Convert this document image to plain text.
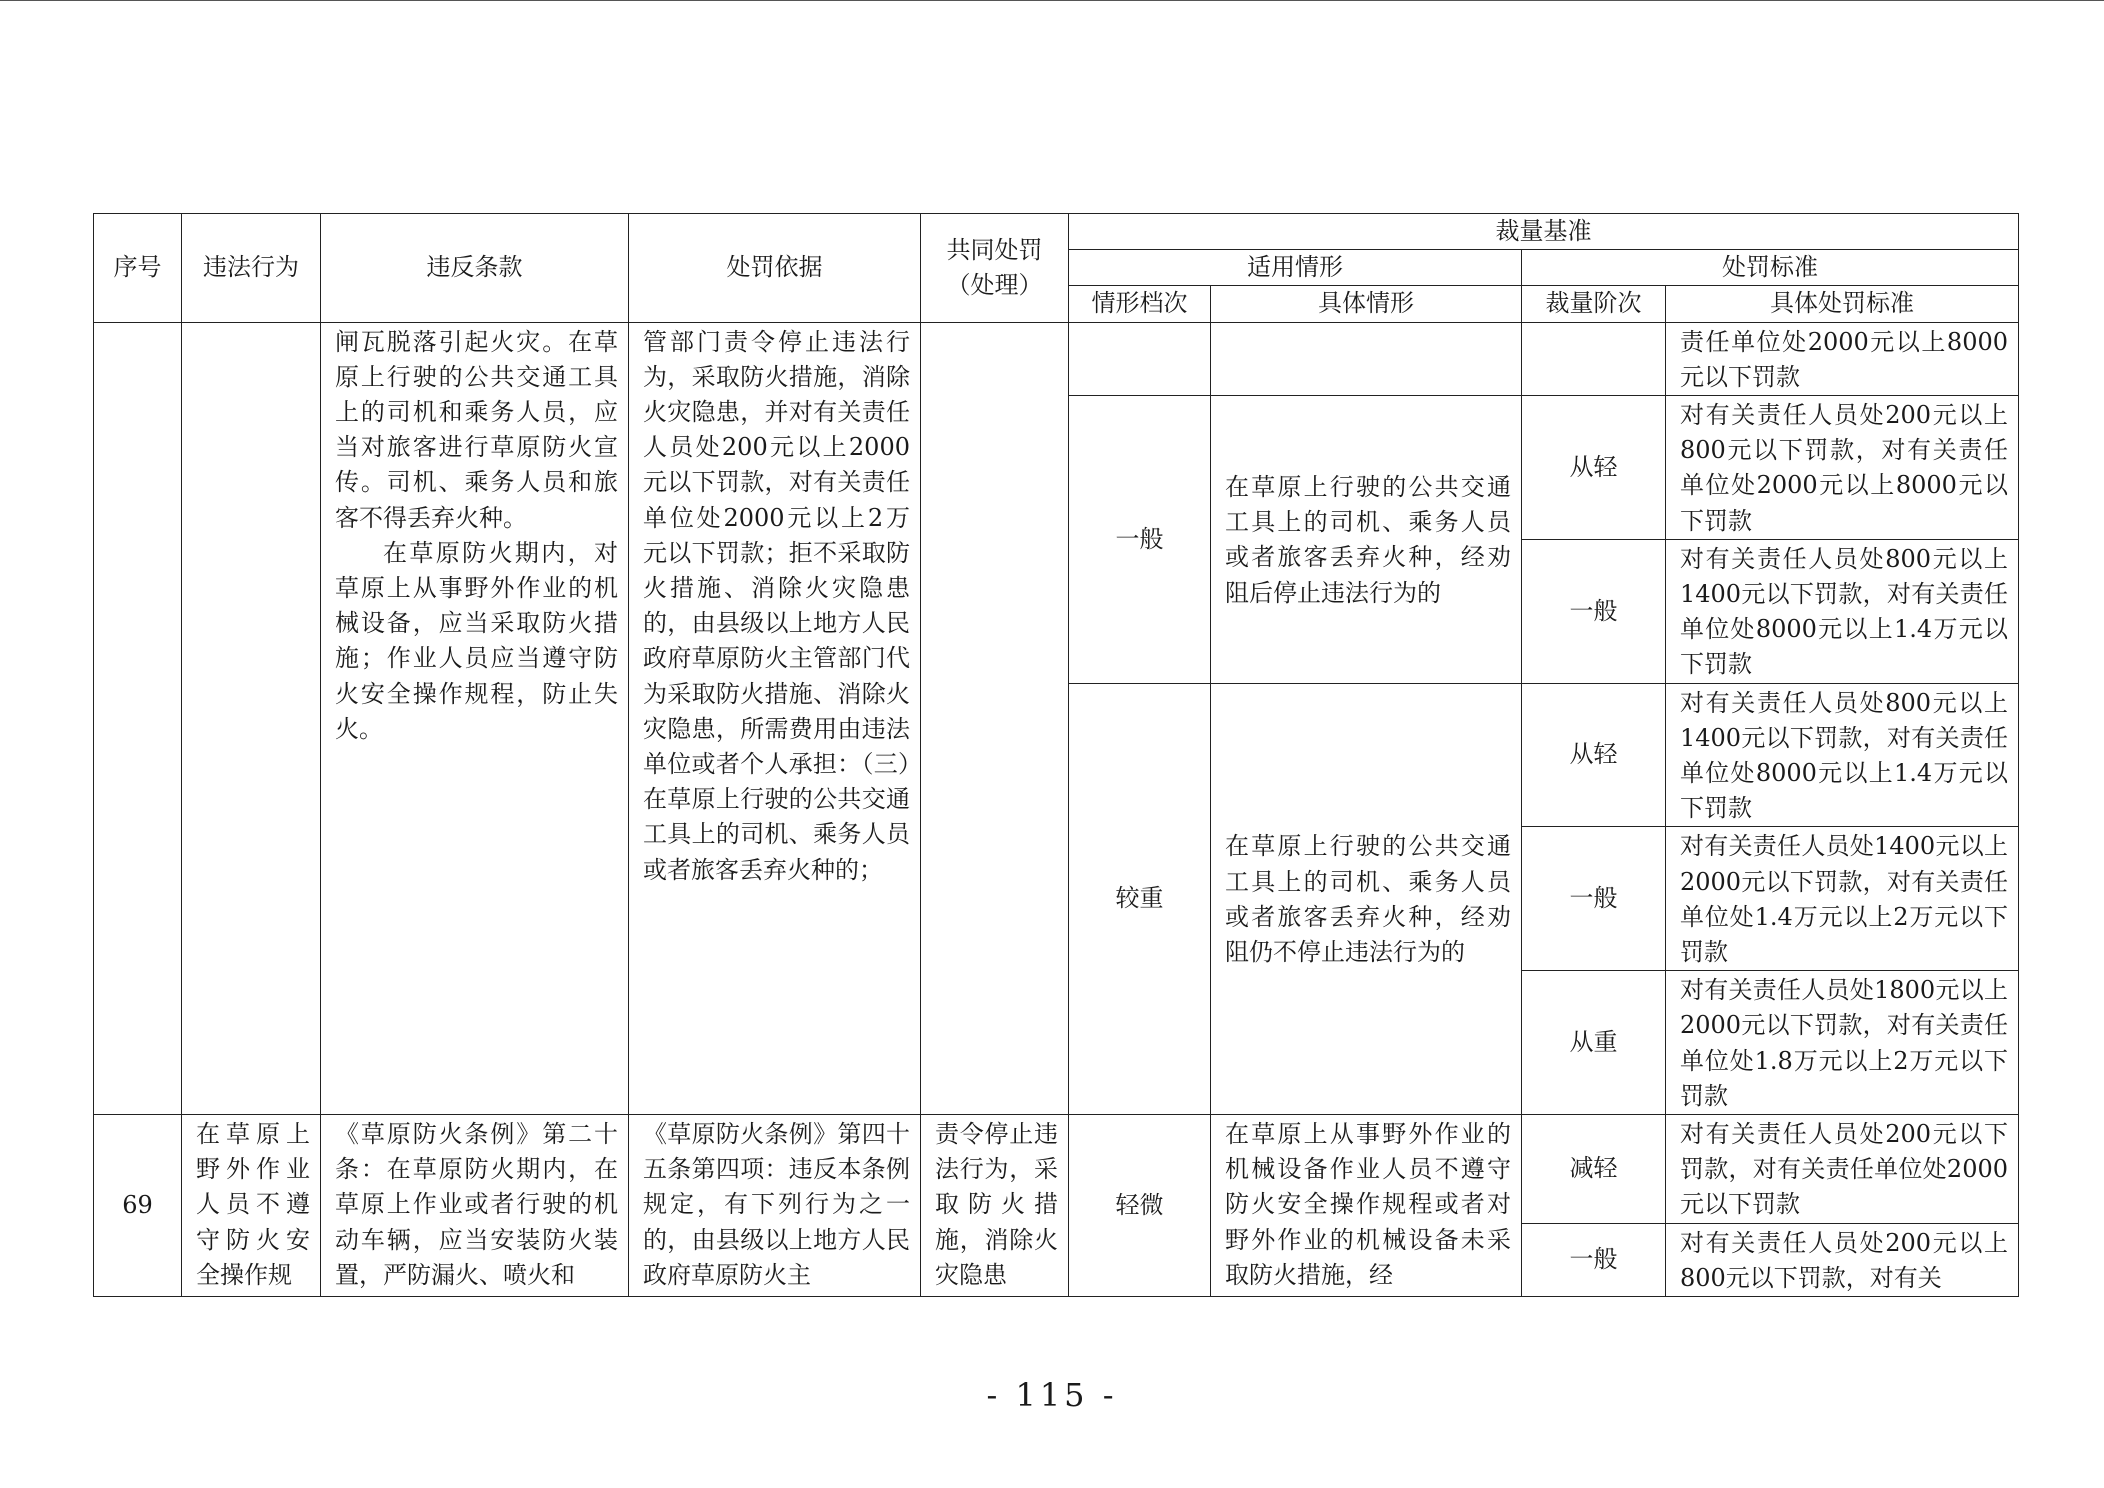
序号	违法行为	违反条款	处罚依据	共同处罚
（处理）	裁量基准			
					适用情形		处罚标准	
					情形档次	具体情形	裁量阶次	具体处罚标准

		闸瓦脱落引起火灾。在草原上行驶的公共交通工具上的司机和乘务人员，应当对旅客进行草原防火宣传。司机、乘务人员和旅客不得丢弃火种。
在草原防火期内，对草原上从事野外作业的机械设备，应当采取防火措施；作业人员应当遵守防火安全操作规程，防止失火。	管部门责令停止违法行为，采取防火措施，消除火灾隐患，并对有关责任人员处200元以上2000元以下罚款，对有关责任单位处2000元以上2万元以下罚款；拒不采取防火措施、消除火灾隐患的，由县级以上地方人民政府草原防火主管部门代为采取防火措施、消除火灾隐患，所需费用由违法单位或者个人承担：（三）在草原上行驶的公共交通工具上的司机、乘务人员或者旅客丢弃火种的；					责任单位处2000元以上8000元以下罚款
					一般	在草原上行驶的公共交通工具上的司机、乘务人员或者旅客丢弃火种，经劝阻后停止违法行为的	从轻	对有关责任人员处200元以上800元以下罚款，对有关责任单位处2000元以上8000元以下罚款
							一般	对有关责任人员处800元以上1400元以下罚款，对有关责任单位处8000元以上1.4万元以下罚款
					较重	在草原上行驶的公共交通工具上的司机、乘务人员或者旅客丢弃火种，经劝阻仍不停止违法行为的	从轻	对有关责任人员处800元以上1400元以下罚款，对有关责任单位处8000元以上1.4万元以下罚款
							一般	对有关责任人员处1400元以上2000元以下罚款，对有关责任单位处1.4万元以上2万元以下罚款
							从重	对有关责任人员处1800元以上2000元以下罚款，对有关责任单位处1.8万元以上2万元以下罚款

69	在草原上野外作业人员不遵守防火安全操作规	《草原防火条例》第二十条：在草原防火期内，在草原上作业或者行驶的机动车辆，应当安装防火装置，严防漏火、喷火和	《草原防火条例》第四十五条第四项：违反本条例规定，有下列行为之一的，由县级以上地方人民政府草原防火主	责令停止违法行为，采取防火措施，消除火灾隐患	轻微	在草原上从事野外作业的机械设备作业人员不遵守防火安全操作规程或者对野外作业的机械设备未采取防火措施，经	减轻	对有关责任人员处200元以下罚款，对有关责任单位处2000元以下罚款
							一般	对有关责任人员处200元以上800元以下罚款，对有关
- 115 -
